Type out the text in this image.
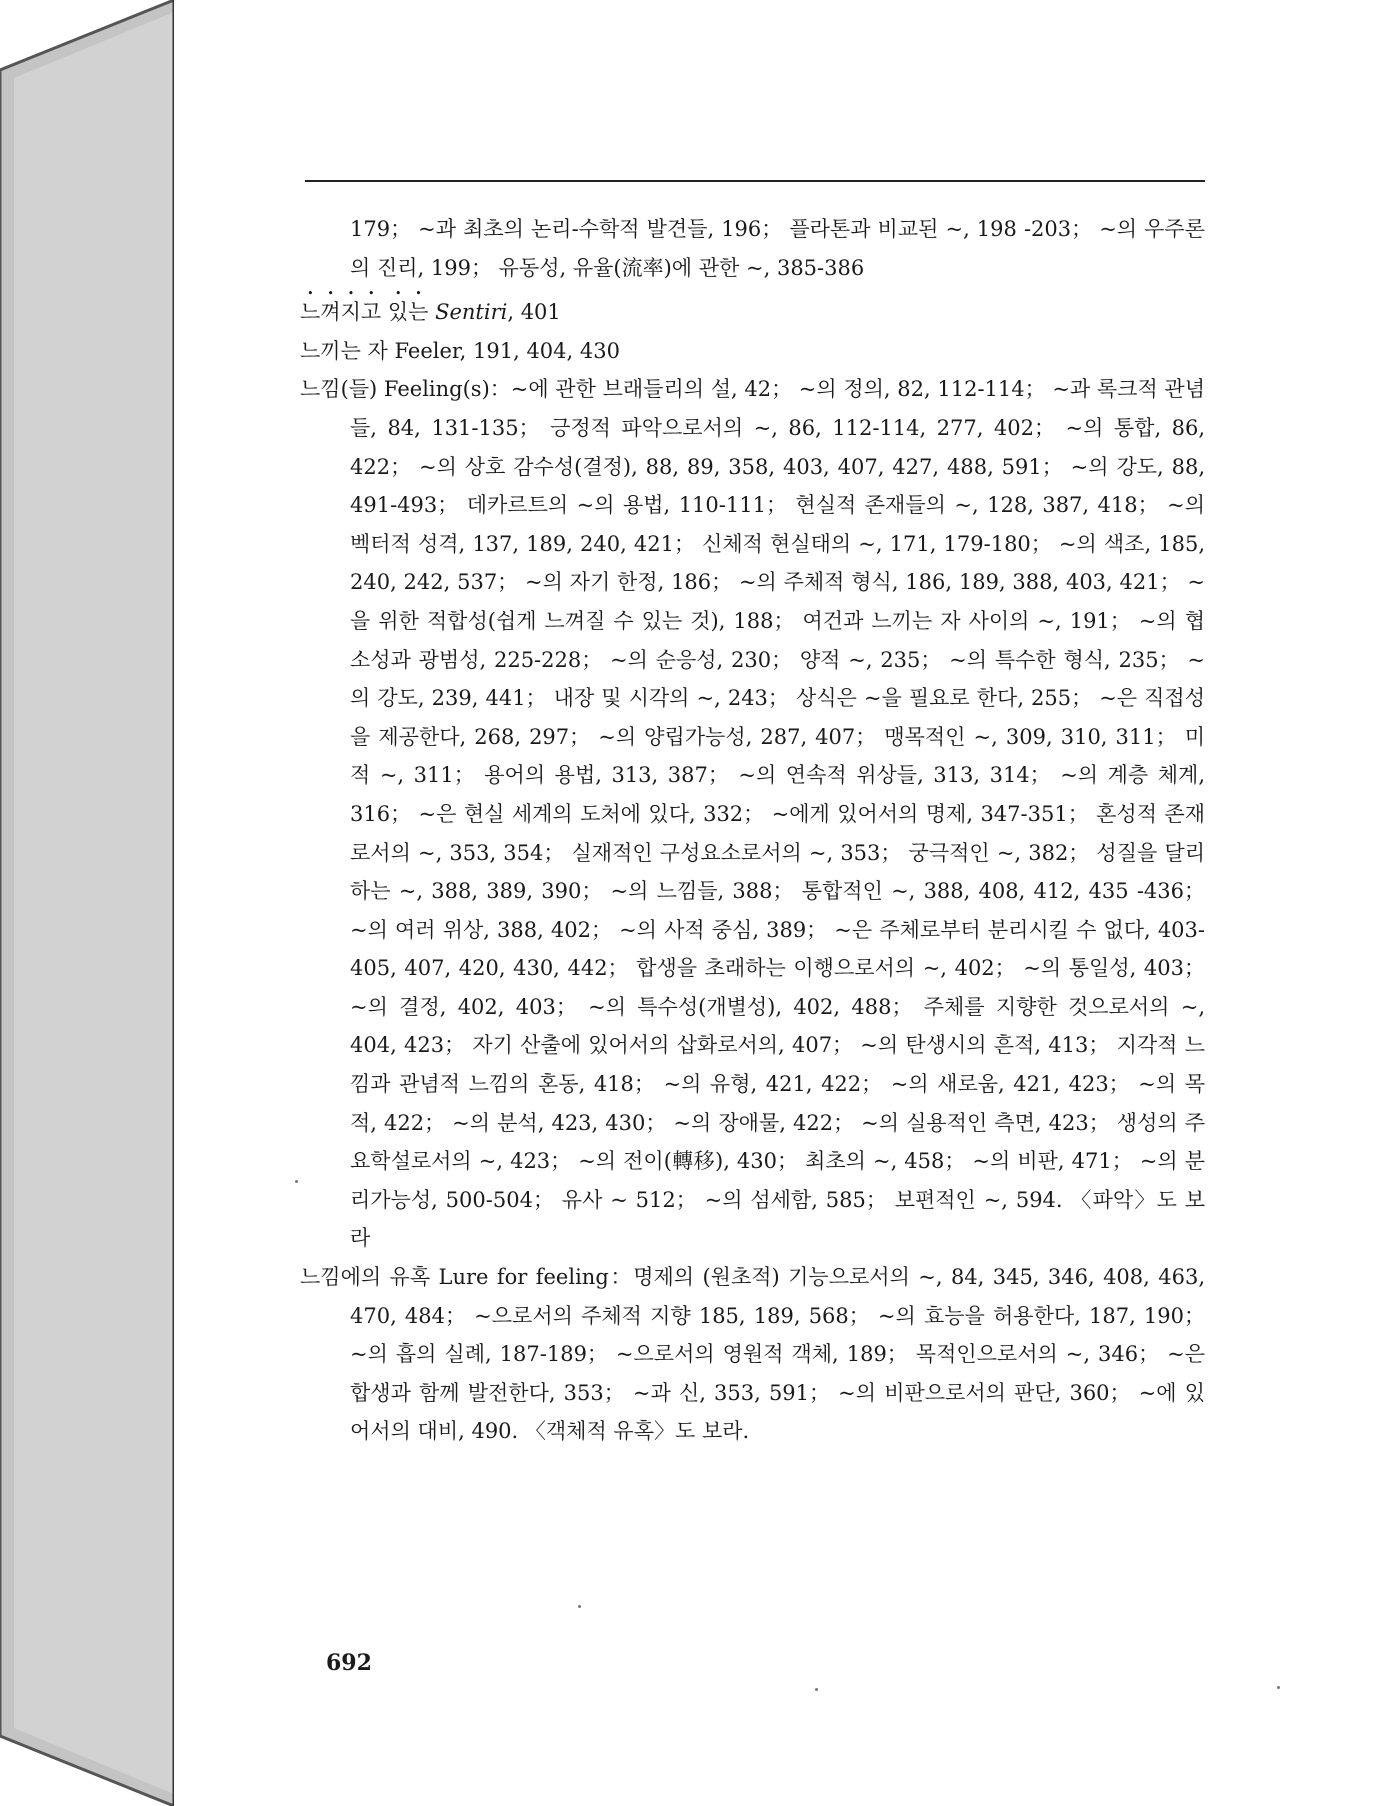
179； ~과 최초의 논리-수학적 발견들, 196； 플라톤과 비교된 ~, 198 -203； ~의 우주론의 진리, 199； 유동성, 유율(流率)에 관한 ~, 385-386

느껴지고 있는 Sentiri, 401

느끼는 자 Feeler, 191, 404, 430

느낌(들) Feeling(s)：~에 관한 브래들리의 설, 42； ~의 정의, 82, 112-114； ~과 록크적 관념들, 84, 131-135； 긍정적 파악으로서의 ~, 86, 112-114, 277, 402； ~의 통합, 86, 422； ~의 상호 감수성(결정), 88, 89, 358, 403, 407, 427, 488, 591； ~의 강도, 88, 491-493； 데카르트의 ~의 용법, 110-111； 현실적 존재들의 ~, 128, 387, 418； ~의 벡터적 성격, 137, 189, 240, 421； 신체적 현실태의 ~, 171, 179-180； ~의 색조, 185, 240, 242, 537； ~의 자기 한정, 186； ~의 주체적 형식, 186, 189, 388, 403, 421； ~을 위한 적합성(쉽게 느껴질 수 있는 것), 188； 여건과 느끼는 자 사이의 ~, 191； ~의 협소성과 광범성, 225-228； ~의 순응성, 230； 양적 ~, 235； ~의 특수한 형식, 235； ~의 강도, 239, 441； 내장 및 시각의 ~, 243； 상식은 ~을 필요로 한다, 255； ~은 직접성을 제공한다, 268, 297； ~의 양립가능성, 287, 407； 맹목적인 ~, 309, 310, 311； 미적 ~, 311； 용어의 용법, 313, 387； ~의 연속적 위상들, 313, 314； ~의 계층 체계, 316； ~은 현실 세계의 도처에 있다, 332； ~에게 있어서의 명제, 347-351； 혼성적 존재로서의 ~, 353, 354； 실재적인 구성요소로서의 ~, 353； 궁극적인 ~, 382； 성질을 달리하는 ~, 388, 389, 390； ~의 느낌들, 388； 통합적인 ~, 388, 408, 412, 435 -436； ~의 여러 위상, 388, 402； ~의 사적 중심, 389； ~은 주체로부터 분리시킬 수 없다, 403-405, 407, 420, 430, 442； 합생을 초래하는 이행으로서의 ~, 402； ~의 통일성, 403； ~의 결정, 402, 403； ~의 특수성(개별성), 402, 488； 주체를 지향한 것으로서의 ~, 404, 423； 자기 산출에 있어서의 삽화로서의, 407； ~의 탄생시의 흔적, 413； 지각적 느낌과 관념적 느낌의 혼동, 418； ~의 유형, 421, 422； ~의 새로움, 421, 423； ~의 목적, 422； ~의 분석, 423, 430； ~의 장애물, 422； ~의 실용적인 측면, 423； 생성의 주요학설로서의 ~, 423； ~의 전이(轉移), 430； 최초의 ~, 458； ~의 비판, 471； ~의 분리가능성, 500-504； 유사 ~ 512； ~의 섬세함, 585； 보편적인 ~, 594. 〈파악〉도 보라

느낌에의 유혹 Lure for feeling：명제의 (원초적) 기능으로서의 ~, 84, 345, 346, 408, 463, 470, 484； ~으로서의 주체적 지향 185, 189, 568； ~의 효능을 허용한다, 187, 190； ~의 흡의 실례, 187-189； ~으로서의 영원적 객체, 189； 목적인으로서의 ~, 346； ~은 합생과 함께 발전한다, 353； ~과 신, 353, 591； ~의 비판으로서의 판단, 360； ~에 있어서의 대비, 490. 〈객체적 유혹〉도 보라.

692
